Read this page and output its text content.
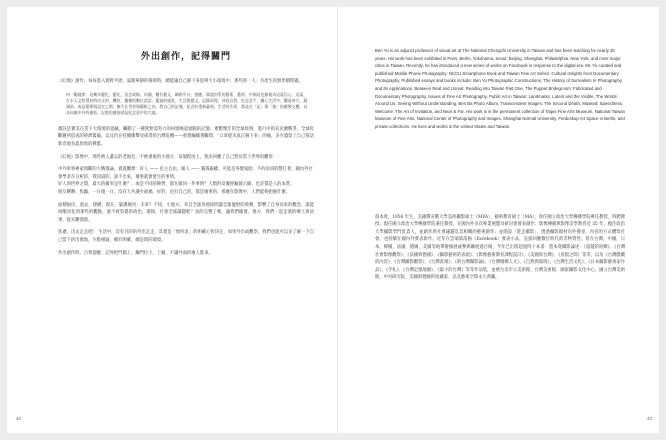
外出創作，記得關門

《幻地》創作，每每進入寬野平流、氣圍寧靜的場域時，總能讓自己靜下來思辨大小環境中，那些與「人」有產生的無形網問題。

何一艱地徐，這幾年變化，變化，信念或線，內涵，數位藝文，網路平台，感應，辯證回系的藝術、藝術、中國這也無視為這裏信心，這裏，在水人文智慧何時由文明，機符，播種的數位話語，鑑賞的風景，生活與藝文，記錄原理，尋找自我，紀念意手，關心生活中，觀看何方，鏡頭前，或是藝術與設定之間，無不在世界與鏡框之內，我自己的記號，紀念的重新審視，生活的生命，都是在「記」與「憶」的緩慢交疊，以及何處中外的連結，記憶的連接就是紀念意中的大地。

遷該是審美在當下大環境的遮蔽，觸動了一種愛無需努力的回憶喚起頭腦的記憶；連繫幾年的全球疫情，進行中的烏克蘭戰爭，全球化斷鏈所造成的經濟緊縮，以及仍在持續衝擊受威脅的台灣危機——重想編織著觸問，「口罩從未真正摘下來」的痛，多少遺留了自己探訪新奇地名最原始的興奮。

《幻地》影像中，那些被人遺忘的老地名，不被重視的小地方，某個程度上，我決回應了自己對於當下世界的觀察：

中外軍事專家預斷的大戰推論，貴賓觀摩：好人 —— 民主自由，壞人 —— 獨裁霸權。可能是各懷鬼胎；不約而同的製打著；國內外社會學者在分析的，我知道的，說不出來，壞事就會發生的事情。
好人與世界之間，最大的衝突是什麼？；或是不同的陣營，都在做同一件事情？人類的反覆經驗啟示錄，也許都是人的本質。
朋友聊聊，焦躁，一日復一日，沒有大共識少福禍，好的，也有自己的，都是壞事的，那麼在影像中，人們能夠把握什麼。

面積兩岸，過去，建構；現在，築護城河；未來？不知，小地方，來自全球各地探問靈急緊盤射的飛彈，影響了自身而來的觀念，誰能叫醒同化到那些的觀點，過不被察覺的政治，環保，社會全球議題呢？真的完整了嗎，讓我們確實，地方，我們一起走過的鄉土與故事，從未離開過。

焦慮，出去走走吧！ 生活中，沒有目的的外出走走，其實是「無所求」的明確心智決定，如果外出或觀察，我們也就可以多了解一下自己當下的出發地，少點相疑，總有明確，總是問的環境。

外出創作時，自我提醒：記得把門鎖上，鑰門拉下，上鎖，不讓外面的壞人進來。

Ben Yu is an adjunct professor of visual art at The National Chengchi University in Taiwan and has been teaching for nearly 35 years. His work has been exhibited in Paris, Berlin, Yokohama, Seoul, Beijing, Shanghai, Philadelphia, New York, and most major cities in Taiwan. Recently, he has introduced a new series of works on Facebook in response to the digital era. Mr. Yu curated and published Mobile Phone Photography: NCCU Smartphone Book and Taiwan Fine Art Series: Cultural Insights from Documentary Photography. Published essays and books include: Ben Yu Photographic Constructions, The History of Surrealism In Photography and Its Applications, Between Real and Unreal: Reading into Taiwan Part One, The Puppet Bridegroom: Fabricated and Documentary Photography, Issues of Fine Art Photography, Public Art in Taiwan: Landmarks, Latent and the Visible, The Words Around Us: Seeing Without Understanding, Ben Ba Photo Album, Transcendent Images: The Second Death, Masked: Speechless, Welcome: The Art of Invitation, and Near & Far. His work is in the permanent collection of Taipei Fine Arts Museum, National Taiwan Museum of Fine Arts, National Center of Photography and Images, Shanghai Normal University, Ferdeskop Art Space in Berlin, and private collections. He lives and works in the United States and Taiwan.

游本寬，1956 年生，美國俄亥俄大學美術攝影碩士（MFA）、藝術教育碩士（MA），曾任國立政治大學傳播學院專任教授，特聘教授；現任國立政治大學傳播學院兼任教授，在國內外多次專業展覽及研討會發表創作；影像傳播與影像美學教育近 35 年，擔任政治大學攝影學門負責人，並創作與社會議題息息相關的藝術創作；並開設「遊走攝影」，透過攝影媒材向外搜尋，內省的方式體察社會，也持續在國內外發表新作。近年在雲端部落格（Facebook）發表小品，直接回應數位時代的非物質性；曾在台灣，中國，日本，韓國，法國，德國，美國等地舉辦個展或參與聯展過百場，今年已出版超過四十本書：遊本寬攝影論述：《超越的原鄉》、《台灣社會影像觀察》、《法國與德國》、《攝影藝術的表現》、《影像藝術教育課程設計》、《美國與台灣》、《真假之間》等等，以及《台灣戲劇的內容》、《台灣攝影觀察》、《台灣真相》、《新台灣攝影論》、《台灣城鄉人文》、《自然與環境》，《台灣生活文化》、《日本攝影藝術家作品》、《手札》、《台灣記憶地圖》、《最小的台灣》等等作品集，並被台北市立美術館、台灣美術館、國家攝影文化中心、國立台灣美術館、中央研究院、美國與德國的收藏家、以及藝術空間永久典藏。

42	43
